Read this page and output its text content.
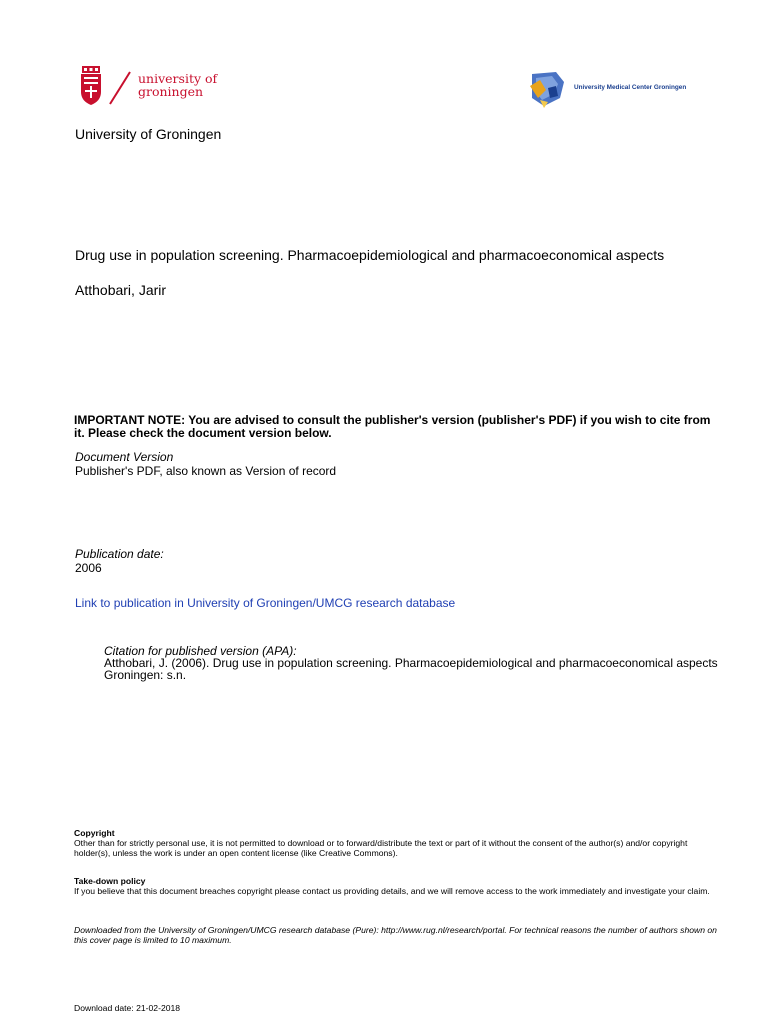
university of
groningen	University Medical Center Groningen
University of Groningen
Drug use in population screening. Pharmacoepidemiological and pharmacoeconomical aspects
Atthobari, Jarir
IMPORTANT NOTE: You are advised to consult the publisher's version (publisher's PDF) if you wish to cite from it. Please check the document version below.
Document Version
Publisher's PDF, also known as Version of record
Publication date:
2006
Link to publication in University of Groningen/UMCG research database
Citation for published version (APA):
Atthobari, J. (2006). Drug use in population screening. Pharmacoepidemiological and pharmacoeconomical aspects Groningen: s.n.
Copyright
Other than for strictly personal use, it is not permitted to download or to forward/distribute the text or part of it without the consent of the author(s) and/or copyright holder(s), unless the work is under an open content license (like Creative Commons).
Take-down policy
If you believe that this document breaches copyright please contact us providing details, and we will remove access to the work immediately and investigate your claim.
Downloaded from the University of Groningen/UMCG research database (Pure): http://www.rug.nl/research/portal. For technical reasons the number of authors shown on this cover page is limited to 10 maximum.
Download date: 21-02-2018
